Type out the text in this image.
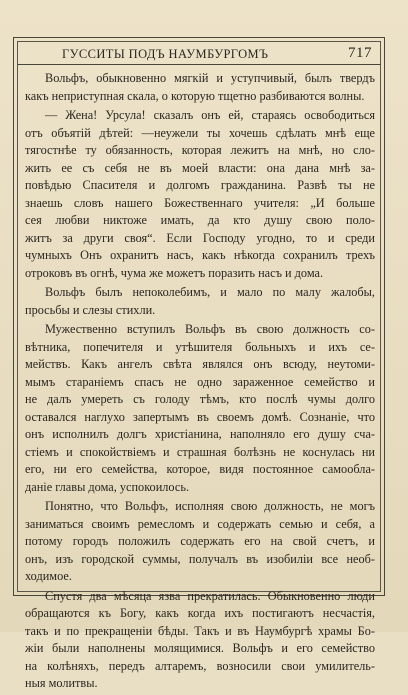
ГУССИТЫ ПОДЪ НАУМБУРГОМЪ	717
Вольфъ, обыкновенно мягкій и уступчивый, былъ твердъ
какъ неприступная скала, о которую тщетно разбиваются волны.
— Жена! Урсула! сказалъ онъ ей, стараясь освободиться
отъ объятій дѣтей: —неужели ты хочешь сдѣлать мнѣ еще
тягостнѣе ту обязанность, которая лежитъ на мнѣ, но сло-
жить ее съ себя не въ моей власти: она дана мнѣ за-
повѣдью Спасителя и долгомъ гражданина. Развѣ ты не
знаешь словъ нашего Божественнаго учителя: „И больше
сея любви никтоже имать, да кто душу свою поло-
житъ за други своя“. Если Господу угодно, то и среди
чумныхъ Онъ охранитъ насъ, какъ нѣкогда сохранилъ трехъ
отроковъ въ огнѣ, чума же можетъ поразить насъ и дома.
Вольфъ былъ непоколебимъ, и мало по малу жалобы,
просьбы и слезы стихли.
Мужественно вступилъ Вольфъ въ свою должность со-
вѣтника, попечителя и утѣшителя больныхъ и ихъ се-
мействъ. Какъ ангелъ свѣта являлся онъ всюду, неутоми-
мымъ стараніемъ спасъ не одно зараженное семейство и
не далъ умереть съ голоду тѣмъ, кто послѣ чумы долго
оставался наглухо запертымъ въ своемъ домѣ. Сознаніе, что
онъ исполнилъ долгъ христіанина, наполняло его душу сча-
стіемъ и спокойствіемъ и страшная болѣзнь не коснулась ни
его, ни его семейства, которое, видя постоянное самообла-
даніе главы дома, успокоилось.
Понятно, что Вольфъ, исполняя свою должность, не могъ
заниматься своимъ ремесломъ и содержать семью и себя, а
потому городъ положилъ содержать его на свой счетъ, и
онъ, изъ городской суммы, получалъ въ изобиліи все необ-
ходимое.
Спустя два мѣсяца язва прекратилась. Обыкновенно люди
обращаются къ Богу, какъ когда ихъ постигаютъ несчастія,
такъ и по прекращеніи бѣды. Такъ и въ Наумбургѣ храмы Бо-
жіи были наполнены молящимися. Вольфъ и его семейство
на колѣняхъ, передъ алтаремъ, возносили свои умилитель-
ныя молитвы.
